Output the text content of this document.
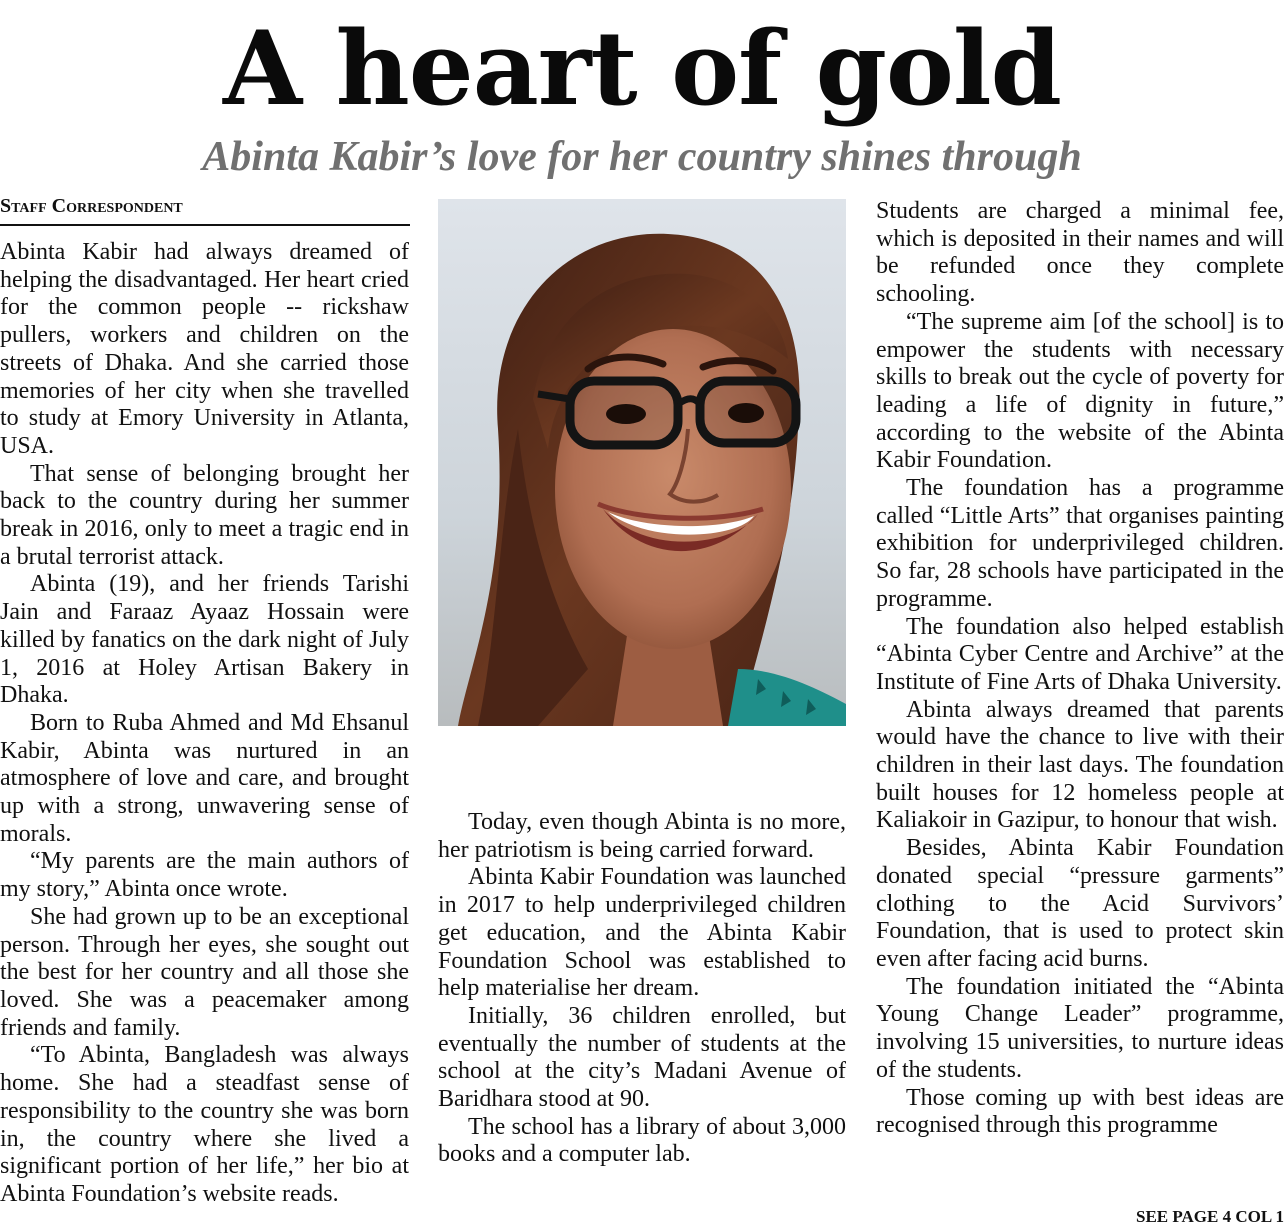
A heart of gold
Abinta Kabir’s love for her country shines through
Staff Correspondent

Abinta Kabir had always dreamed of helping the disadvantaged. Her heart cried for the common people -- rickshaw pullers, workers and children on the streets of Dhaka. And she carried those memories of her city when she travelled to study at Emory University in Atlanta, USA.

That sense of belonging brought her back to the country during her summer break in 2016, only to meet a tragic end in a brutal terrorist attack.

Abinta (19), and her friends Tarishi Jain and Faraaz Ayaaz Hossain were killed by fanatics on the dark night of July 1, 2016 at Holey Artisan Bakery in Dhaka.

Born to Ruba Ahmed and Md Ehsanul Kabir, Abinta was nurtured in an atmosphere of love and care, and brought up with a strong, unwavering sense of morals.

“My parents are the main authors of my story,” Abinta once wrote.

She had grown up to be an exceptional person. Through her eyes, she sought out the best for her country and all those she loved. She was a peacemaker among friends and family.

“To Abinta, Bangladesh was always home. She had a steadfast sense of responsibility to the country she was born in, the country where she lived a significant portion of her life,” her bio at Abinta Foundation’s website reads.

Today, even though Abinta is no more, her patriotism is being carried forward.

Abinta Kabir Foundation was launched in 2017 to help underprivileged children get education, and the Abinta Kabir Foundation School was established to help materialise her dream.

Initially, 36 children enrolled, but eventually the number of students at the school at the city’s Madani Avenue of Baridhara stood at 90.

The school has a library of about 3,000 books and a computer lab.

Students are charged a minimal fee, which is deposited in their names and will be refunded once they complete schooling.

“The supreme aim [of the school] is to empower the students with necessary skills to break out the cycle of poverty for leading a life of dignity in future,” according to the website of the Abinta Kabir Foundation.

The foundation has a programme called “Little Arts” that organises painting exhibition for underprivileged children. So far, 28 schools have participated in the programme.

The foundation also helped establish “Abinta Cyber Centre and Archive” at the Institute of Fine Arts of Dhaka University.

Abinta always dreamed that parents would have the chance to live with their children in their last days. The foundation built houses for 12 homeless people at Kaliakoir in Gazipur, to honour that wish.

Besides, Abinta Kabir Foundation donated special “pressure garments” clothing to the Acid Survivors’ Foundation, that is used to protect skin even after facing acid burns.

The foundation initiated the “Abinta Young Change Leader” programme, involving 15 universities, to nurture ideas of the students.

Those coming up with best ideas are recognised through this programme

SEE PAGE 4 COL 1
